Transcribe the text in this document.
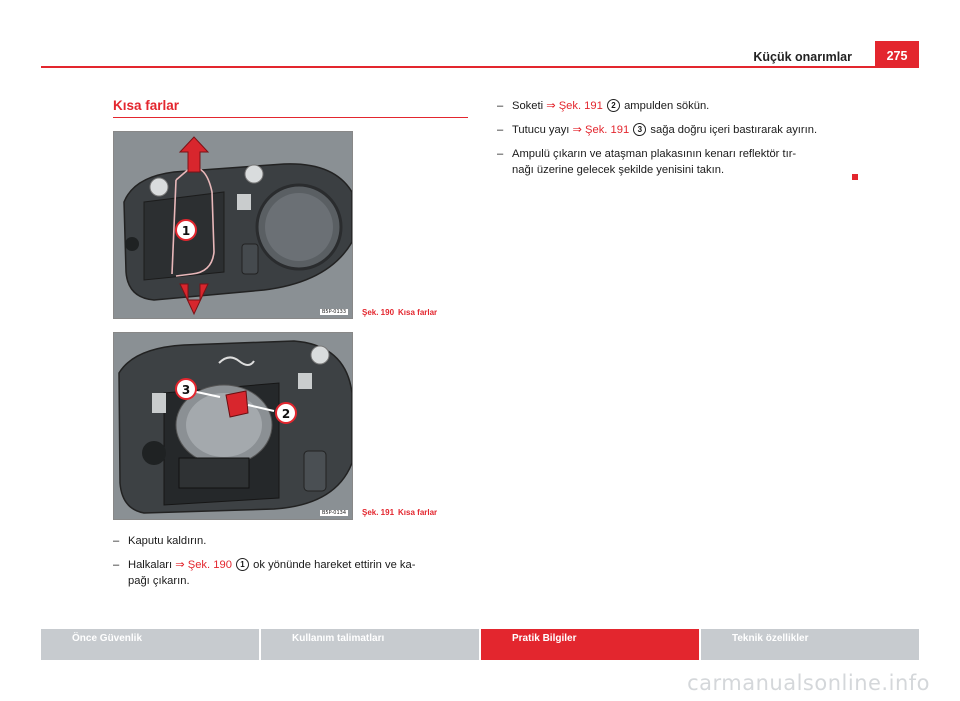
Küçük onarımlar	275
Kısa farlar
1
B5P-0133 Şek. 190 Kısa farlar
2
3
B5P-0134 Şek. 191 Kısa farlar
– Kaputu kaldırın.
– Halkaları ⇒ Şek. 190 1 ok yönünde hareket ettirin ve ka-
pağı çıkarın.
– Soketi ⇒ Şek. 191 2 ampulden sökün.
– Tutucu yayı ⇒ Şek. 191 3 sağa doğru içeri bastırarak ayırın.
– Ampulü çıkarın ve ataşman plakasının kenarı reflektör tır-
nağı üzerine gelecek şekilde yenisini takın.
Önce Güvenlik	Kullanım talimatları	Pratik Bilgiler	Teknik özellikler
carmanualsonline.info
